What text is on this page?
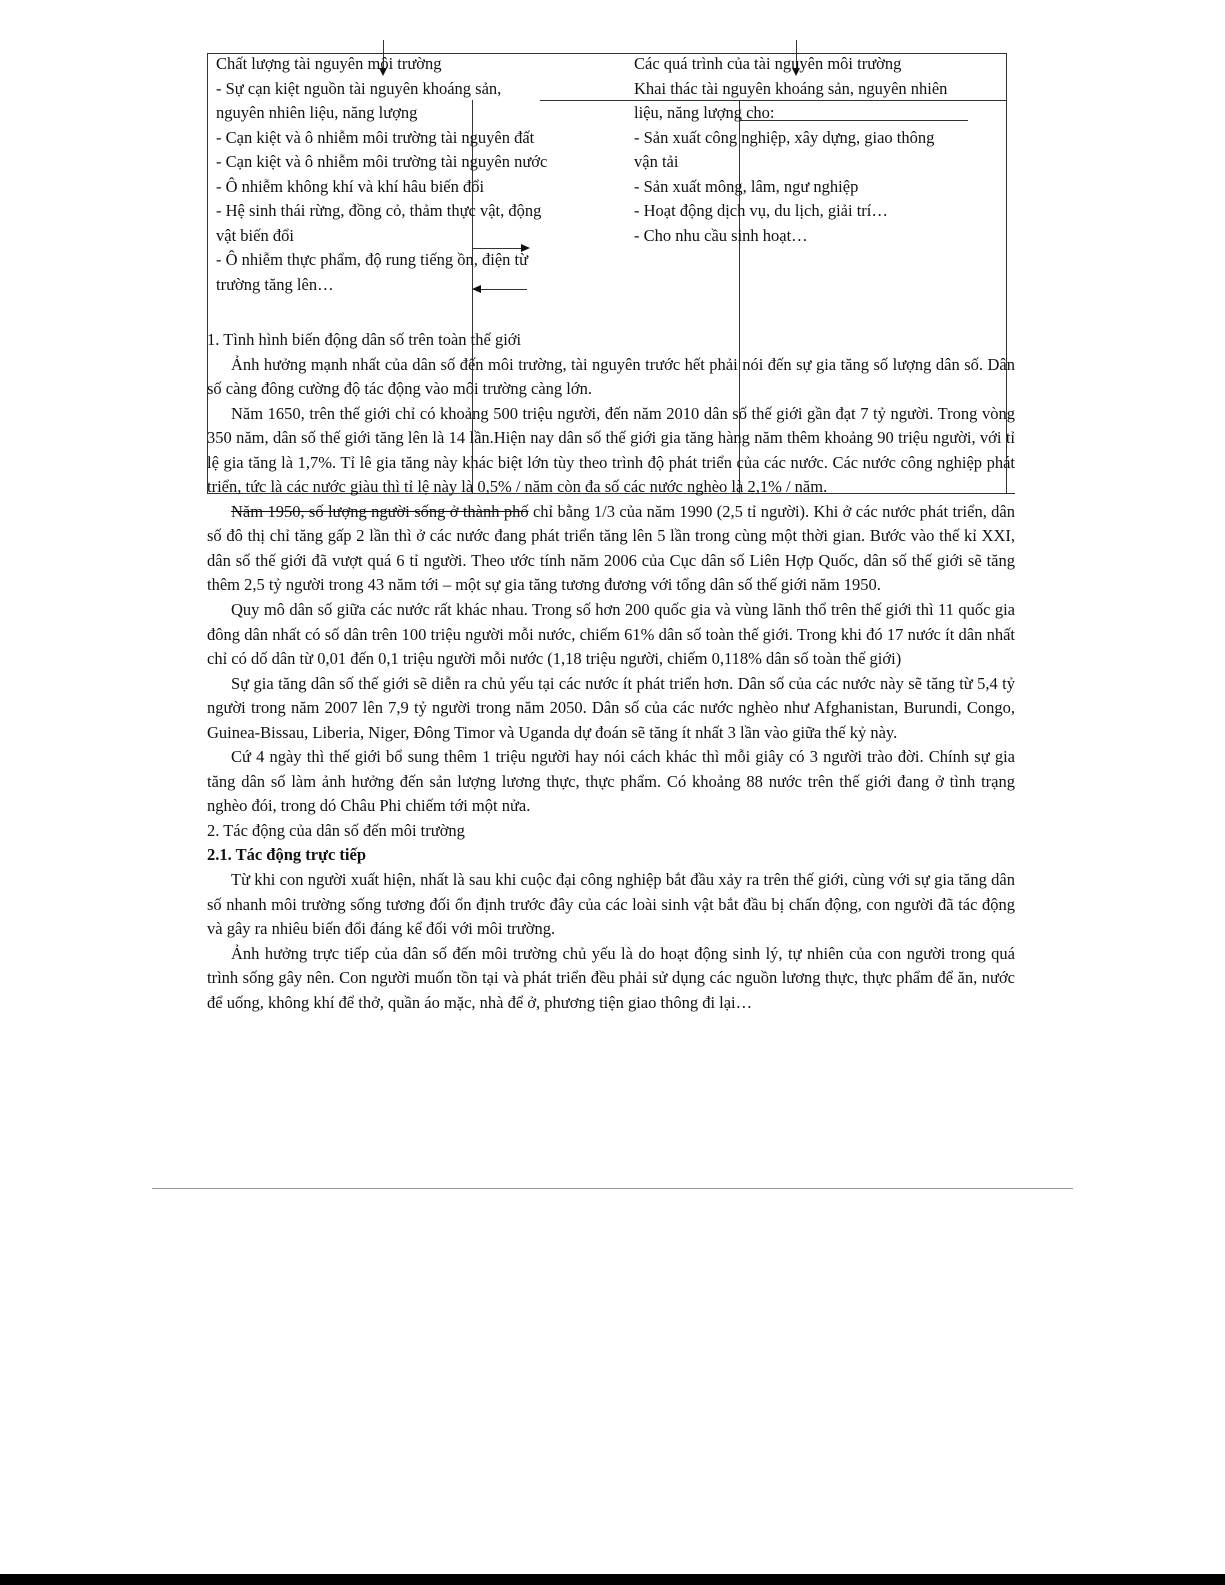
Chất lượng tài nguyên môi trường
- Sự cạn kiệt nguồn tài nguyên khoáng sản,
nguyên nhiên liệu, năng lượng
- Cạn kiệt và ô nhiễm môi trường tài nguyên đất
- Cạn kiệt và ô nhiễm môi trường tài nguyên nước
- Ô nhiễm không khí và khí hâu biến đổi
- Hệ sinh thái rừng, đồng cỏ, thảm thực vật, động
vật biến đổi
- Ô nhiễm thực phẩm, độ rung tiếng ồn, điện từ
trường tăng lên…
Các quá trình của tài nguyên môi trường
Khai thác tài nguyên khoáng sản, nguyên nhiên
liệu, năng lượng cho:
- Sản xuất công nghiệp, xây dựng, giao thông
vận tải
- Sản xuất mông, lâm, ngư nghiệp
- Hoạt động dịch vụ, du lịch, giải trí…
- Cho nhu cầu sinh hoạt…

1. Tình hình biến động dân số trên toàn thế giới

Ảnh hưởng mạnh nhất của dân số đến môi trường, tài nguyên trước hết phải nói đến sự gia tăng số lượng dân số. Dân số càng đông cường độ tác động vào môi trường càng lớn.

Năm 1650, trên thế giới chỉ có khoảng 500 triệu người, đến năm 2010 dân số thế giới gần đạt 7 tỷ người. Trong vòng 350 năm, dân số thế giới tăng lên là 14 lần.Hiện nay dân số thế giới gia tăng hàng năm thêm khoảng 90 triệu người, với tỉ lệ gia tăng là 1,7%. Tỉ lê gia tăng này khác biệt lớn tùy theo trình độ phát triển của các nước. Các nước công nghiệp phát triển, tức là các nước giàu thì tỉ lệ này là 0,5% / năm còn đa số các nước nghèo là 2,1% / năm.

Năm 1950, số lượng người sống ở thành phố chỉ bằng 1/3 của năm 1990 (2,5 tỉ người). Khi ở các nước phát triển, dân số đô thị chỉ tăng gấp 2 lần thì ở các nước đang phát triển tăng lên 5 lần trong cùng một thời gian. Bước vào thế kỉ XXI, dân số thế giới đã vượt quá 6 tỉ người. Theo ước tính năm 2006 của Cục dân số Liên Hợp Quốc, dân số thế giới sẽ tăng thêm 2,5 tỷ người trong 43 năm tới – một sự gia tăng tương đương với tổng dân số thế giới năm 1950.

Quy mô dân số giữa các nước rất khác nhau. Trong số hơn 200 quốc gia và vùng lãnh thổ trên thế giới thì 11 quốc gia đông dân nhất có số dân trên 100 triệu người mỗi nước, chiếm 61% dân số toàn thế giới. Trong khi đó 17 nước ít dân nhất chỉ có dố dân từ 0,01 đến 0,1 triệu người mỗi nước (1,18 triệu người, chiếm 0,118% dân số toàn thế giới)

Sự gia tăng dân số thế giới sẽ diễn ra chủ yếu tại các nước ít phát triển hơn. Dân số của các nước này sẽ tăng từ 5,4 tỷ người trong năm 2007 lên 7,9 tỷ người trong năm 2050. Dân số của các nước nghèo như Afghanistan, Burundi, Congo, Guinea-Bissau, Liberia, Niger, Đông Timor và Uganda dự đoán sẽ tăng ít nhất 3 lần vào giữa thế kỷ này.

Cứ 4 ngày thì thế giới bổ sung thêm 1 triệu người hay nói cách khác thì mỗi giây có 3 người trào đời. Chính sự gia tăng dân số làm ảnh hưởng đến sản lượng lương thực, thực phẩm. Có khoảng 88 nước trên thế giới đang ở tình trạng nghèo đói, trong dó Châu Phi chiếm tới một nửa.

2. Tác động của dân số đến môi trường

2.1. Tác động trực tiếp

Từ khi con người xuất hiện, nhất là sau khi cuộc đại công nghiệp bắt đầu xảy ra trên thế giới, cùng với sự gia tăng dân số nhanh môi trường sống tương đối ổn định trước đây của các loài sinh vật bắt đầu bị chấn động, con người đã tác động và gây ra nhiêu biến đổi đáng kể đối với môi trường.

Ảnh hưởng trực tiếp của dân số đến môi trường chủ yếu là do hoạt động sinh lý, tự nhiên của con người trong quá trình sống gây nên. Con người muốn tồn tại và phát triển đều phải sử dụng các nguồn lương thực, thực phẩm để ăn, nước để uống, không khí để thở, quần áo mặc, nhà để ở, phương tiện giao thông đi lại…
